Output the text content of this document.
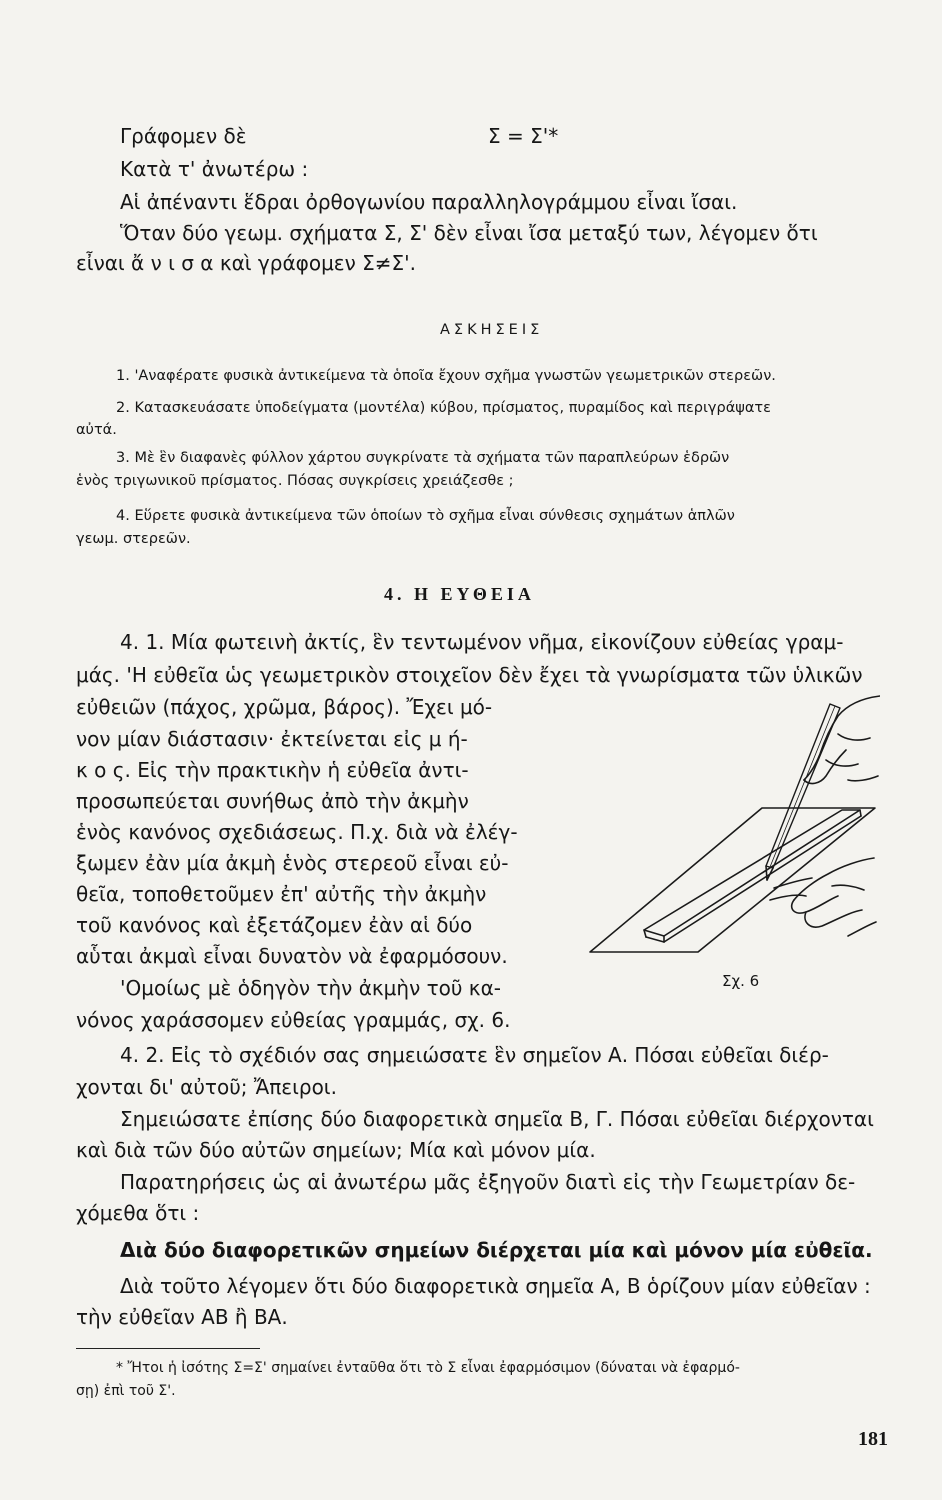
Γράφομεν δὲ	Σ = Σ'*
Κατὰ τ' ἀνωτέρω :
Αἱ ἀπέναντι ἕδραι ὀρθογωνίου παραλληλογράμμου εἶναι ἴσαι.
Ὅταν δύο γεωμ. σχήματα Σ, Σ' δὲν εἶναι ἴσα μεταξύ των, λέγομεν ὅτι
εἶναι ἄ ν ι σ α καὶ γράφομεν Σ≠Σ'.
ΑΣΚΗΣΕΙΣ
1. 'Αναφέρατε φυσικὰ ἀντικείμενα τὰ ὁποῖα ἔχουν σχῆμα γνωστῶν γεωμετρικῶν στερεῶν.
2. Κατασκευάσατε ὑποδείγματα (μοντέλα) κύβου, πρίσματος, πυραμίδος καὶ περιγράψατε
αὐτά.
3. Μὲ ἓν διαφανὲς φύλλον χάρτου συγκρίνατε τὰ σχήματα τῶν παραπλεύρων ἑδρῶν
ἑνὸς τριγωνικοῦ πρίσματος. Πόσας συγκρίσεις χρειάζεσθε ;
4. Εὕρετε φυσικὰ ἀντικείμενα τῶν ὁποίων τὸ σχῆμα εἶναι σύνθεσις σχημάτων ἁπλῶν
γεωμ. στερεῶν.
4. Η ΕΥΘΕΙΑ
4. 1. Μία φωτεινὴ ἀκτίς, ἓν τεντωμένον νῆμα, εἰκονίζουν εὐθείας γραμ-
μάς. 'Η εὐθεῖα ὡς γεωμετρικὸν στοιχεῖον δὲν ἔχει τὰ γνωρίσματα τῶν ὑλικῶν
εὐθειῶν (πάχος, χρῶμα, βάρος). Ἔχει μό-
νον μίαν διάστασιν· ἐκτείνεται εἰς μ ή-
κ ο ς. Εἰς τὴν πρακτικὴν ἡ εὐθεῖα ἀντι-
προσωπεύεται συνήθως ἀπὸ τὴν ἀκμὴν
ἑνὸς κανόνος σχεδιάσεως. Π.χ. διὰ νὰ ἐλέγ-
ξωμεν ἐὰν μία ἀκμὴ ἑνὸς στερεοῦ εἶναι εὐ-
θεῖα, τοποθετοῦμεν ἐπ' αὐτῆς τὴν ἀκμὴν
τοῦ κανόνος καὶ ἐξετάζομεν ἐὰν αἱ δύο
αὗται ἀκμαὶ εἶναι δυνατὸν νὰ ἐφαρμόσουν.
'Ομοίως μὲ ὁδηγὸν τὴν ἀκμὴν τοῦ κα-
νόνος χαράσσομεν εὐθείας γραμμάς, σχ. 6.
Σχ. 6
4. 2. Εἰς τὸ σχέδιόν σας σημειώσατε ἓν σημεῖον Α. Πόσαι εὐθεῖαι διέρ-
χονται δι' αὐτοῦ; Ἄπειροι.
Σημειώσατε ἐπίσης δύο διαφορετικὰ σημεῖα Β, Γ. Πόσαι εὐθεῖαι διέρχονται
καὶ διὰ τῶν δύο αὐτῶν σημείων; Μία καὶ μόνον μία.
Παρατηρήσεις ὡς αἱ ἀνωτέρω μᾶς ἐξηγοῦν διατὶ εἰς τὴν Γεωμετρίαν δε-
χόμεθα ὅτι :
Διὰ δύο διαφορετικῶν σημείων διέρχεται μία καὶ μόνον μία εὐθεῖα.
Διὰ τοῦτο λέγομεν ὅτι δύο διαφορετικὰ σημεῖα Α, Β ὁρίζουν μίαν εὐθεῖαν :
τὴν εὐθεῖαν ΑΒ ἢ ΒΑ.
* Ἤτοι ἡ ἰσότης Σ=Σ' σημαίνει ἐνταῦθα ὅτι τὸ Σ εἶναι ἐφαρμόσιμον (δύναται νὰ ἐφαρμό-
σῃ) ἐπὶ τοῦ Σ'.
181
